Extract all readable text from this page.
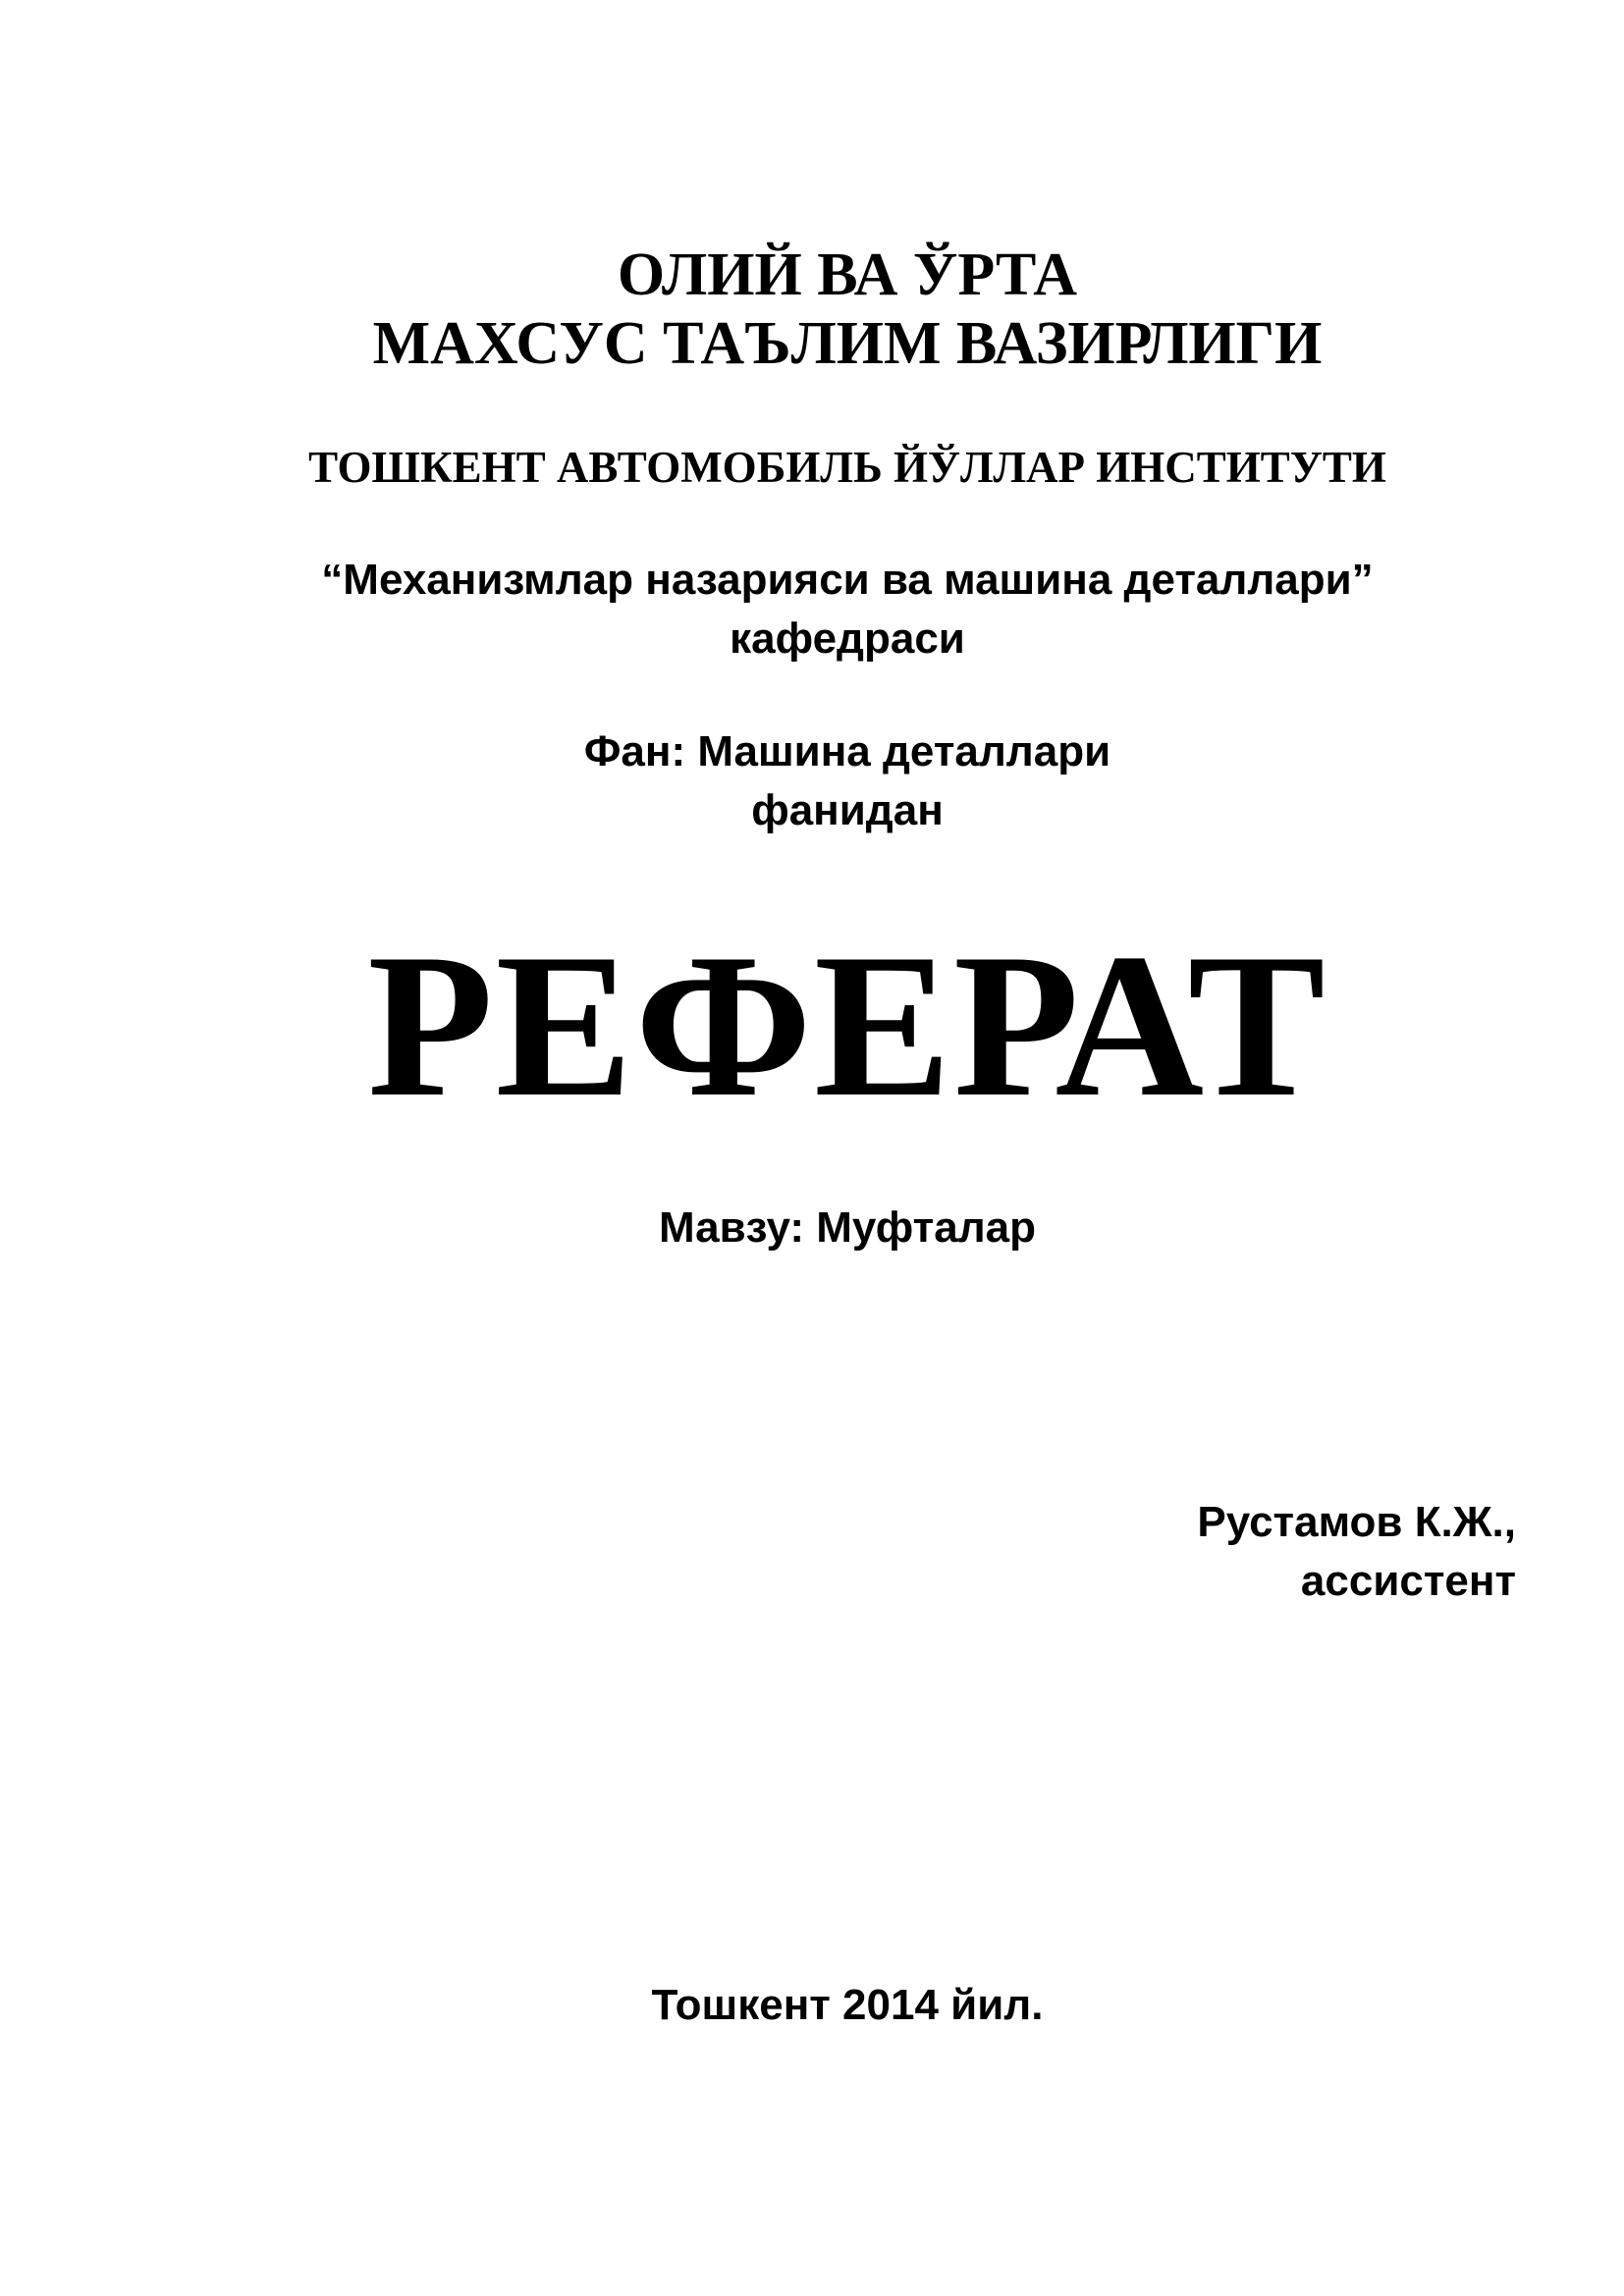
ОЛИЙ ВА ЎРТА
МАХСУС ТАЪЛИМ ВАЗИРЛИГИ
ТОШКЕНТ АВТОМОБИЛЬ ЙЎЛЛАР ИНСТИТУТИ
“Механизмлар назарияси ва машина деталлари”
кафедраси
Фан: Машина деталлари
фанидан
РЕФЕРАТ
Мавзу: Муфталар
Рустамов К.Ж.,
ассистент
Тошкент 2014 йил.
